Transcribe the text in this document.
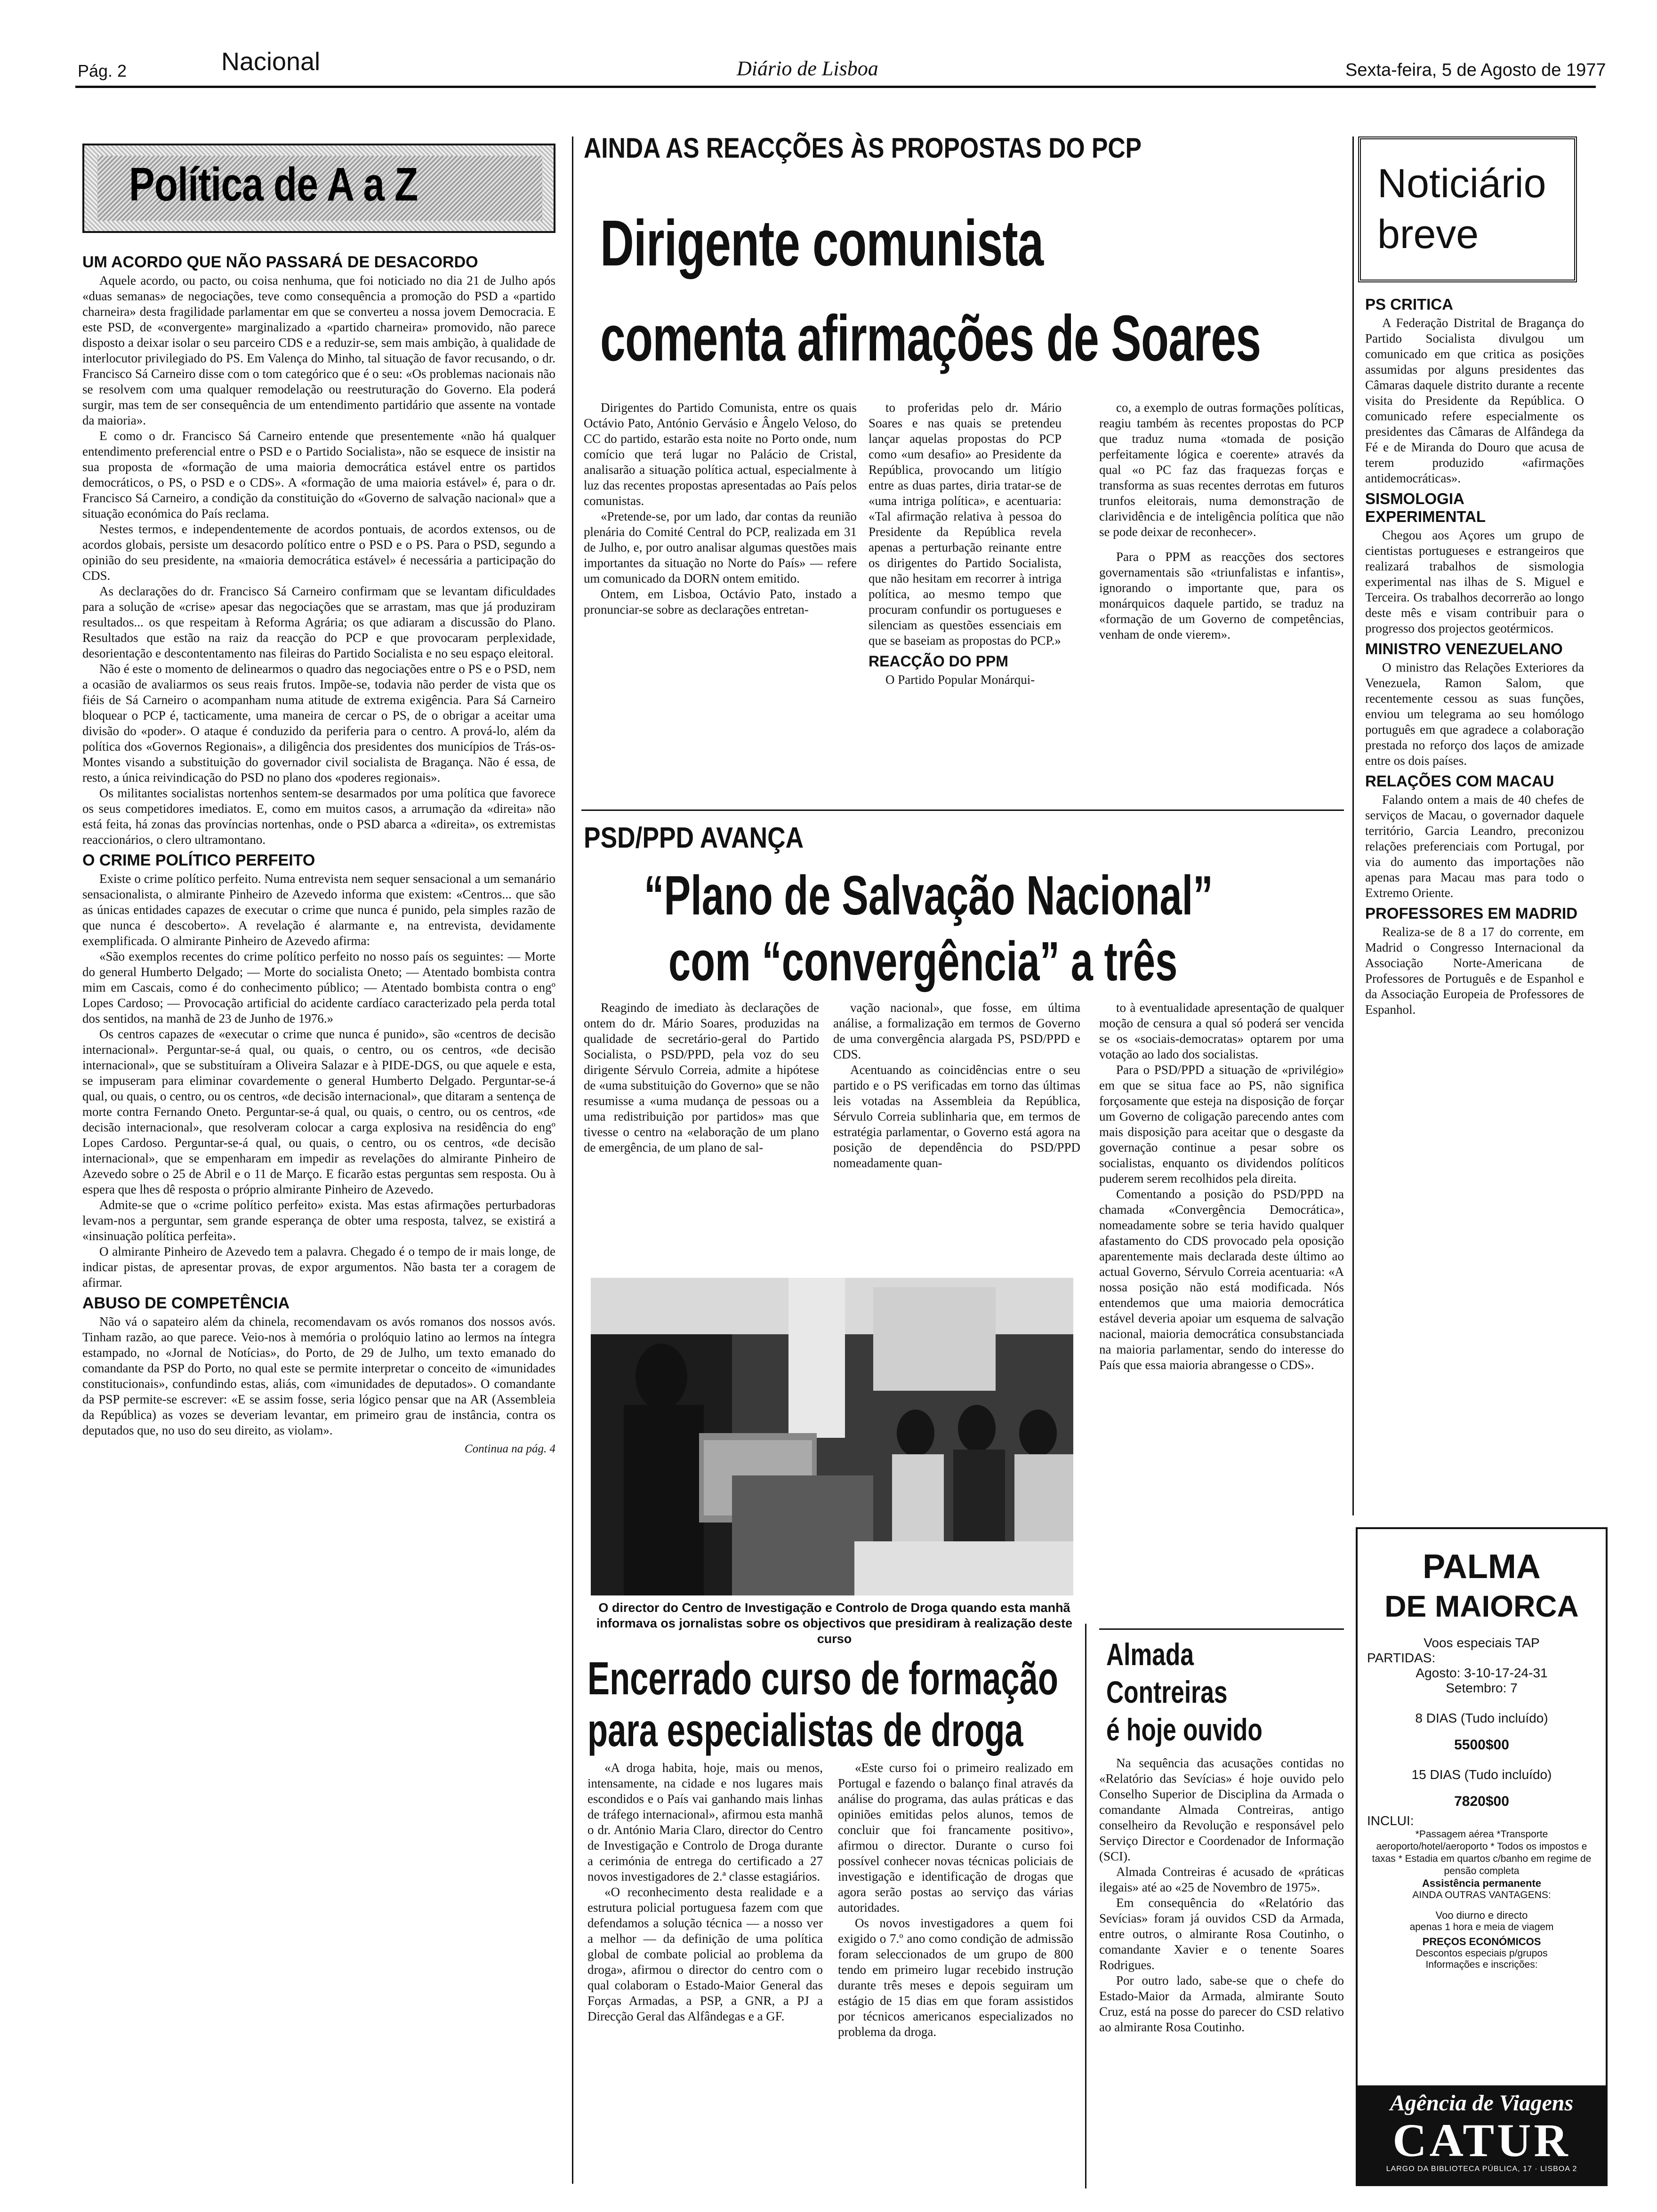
Pág. 2	Nacional	Diário de Lisboa	Sexta-feira, 5 de Agosto de 1977
Política de A a Z
UM ACORDO QUE NÃO PASSARÁ DE DESACORDO

Aquele acordo, ou pacto, ou coisa nenhuma, que foi noticiado no dia 21 de Julho após «duas semanas» de negociações, teve como consequência a promoção do PSD a «partido charneira» desta fragilidade parlamentar em que se converteu a nossa jovem Democracia. E este PSD, de «convergente» marginalizado a «partido charneira» promovido, não parece disposto a deixar isolar o seu parceiro CDS e a reduzir-se, sem mais ambição, à qualidade de interlocutor privilegiado do PS. Em Valença do Minho, tal situação de favor recusando, o dr. Francisco Sá Carneiro disse com o tom categórico que é o seu: «Os problemas nacionais não se resolvem com uma qualquer remodelação ou reestruturação do Governo. Ela poderá surgir, mas tem de ser consequência de um entendimento partidário que assente na vontade da maioria».

E como o dr. Francisco Sá Carneiro entende que presentemente «não há qualquer entendimento preferencial entre o PSD e o Partido Socialista», não se esquece de insistir na sua proposta de «formação de uma maioria democrática estável entre os partidos democráticos, o PS, o PSD e o CDS». A «formação de uma maioria estável» é, para o dr. Francisco Sá Carneiro, a condição da constituição do «Governo de salvação nacional» que a situação económica do País reclama.

Nestes termos, e independentemente de acordos pontuais, de acordos extensos, ou de acordos globais, persiste um desacordo político entre o PSD e o PS. Para o PSD, segundo a opinião do seu presidente, na «maioria democrática estável» é necessária a participação do CDS.

As declarações do dr. Francisco Sá Carneiro confirmam que se levantam dificuldades para a solução de «crise» apesar das negociações que se arrastam, mas que já produziram resultados... os que respeitam à Reforma Agrária; os que adiaram a discussão do Plano. Resultados que estão na raiz da reacção do PCP e que provocaram perplexidade, desorientação e descontentamento nas fileiras do Partido Socialista e no seu espaço eleitoral.

Não é este o momento de delinearmos o quadro das negociações entre o PS e o PSD, nem a ocasião de avaliarmos os seus reais frutos. Impõe-se, todavia não perder de vista que os fiéis de Sá Carneiro o acompanham numa atitude de extrema exigência. Para Sá Carneiro bloquear o PCP é, tacticamente, uma maneira de cercar o PS, de o obrigar a aceitar uma divisão do «poder». O ataque é conduzido da periferia para o centro. A prová-lo, além da política dos «Governos Regionais», a diligência dos presidentes dos municípios de Trás-os-Montes visando a substituição do governador civil socialista de Bragança. Não é essa, de resto, a única reivindicação do PSD no plano dos «poderes regionais».

Os militantes socialistas nortenhos sentem-se desarmados por uma política que favorece os seus competidores imediatos. E, como em muitos casos, a arrumação da «direita» não está feita, há zonas das províncias nortenhas, onde o PSD abarca a «direita», os extremistas reaccionários, o clero ultramontano.

O CRIME POLÍTICO PERFEITO

Existe o crime político perfeito. Numa entrevista nem sequer sensacional a um semanário sensacionalista, o almirante Pinheiro de Azevedo informa que existem: «Centros... que são as únicas entidades capazes de executar o crime que nunca é punido, pela simples razão de que nunca é descoberto». A revelação é alarmante e, na entrevista, devidamente exemplificada. O almirante Pinheiro de Azevedo afirma:

«São exemplos recentes do crime político perfeito no nosso país os seguintes: — Morte do general Humberto Delgado; — Morte do socialista Oneto; — Atentado bombista contra mim em Cascais, como é do conhecimento público; — Atentado bombista contra o engº Lopes Cardoso; — Provocação artificial do acidente cardíaco caracterizado pela perda total dos sentidos, na manhã de 23 de Junho de 1976.»

Os centros capazes de «executar o crime que nunca é punido», são «centros de decisão internacional». Perguntar-se-á qual, ou quais, o centro, ou os centros, «de decisão internacional», que se substituíram a Oliveira Salazar e à PIDE-DGS, ou que aquele e esta, se impuseram para eliminar covardemente o general Humberto Delgado. Perguntar-se-á qual, ou quais, o centro, ou os centros, «de decisão internacional», que ditaram a sentença de morte contra Fernando Oneto. Perguntar-se-á qual, ou quais, o centro, ou os centros, «de decisão internacional», que resolveram colocar a carga explosiva na residência do engº Lopes Cardoso. Perguntar-se-á qual, ou quais, o centro, ou os centros, «de decisão internacional», que se empenharam em impedir as revelações do almirante Pinheiro de Azevedo sobre o 25 de Abril e o 11 de Março. E ficarão estas perguntas sem resposta. Ou à espera que lhes dê resposta o próprio almirante Pinheiro de Azevedo.

Admite-se que o «crime político perfeito» exista. Mas estas afirmações perturbadoras levam-nos a perguntar, sem grande esperança de obter uma resposta, talvez, se existirá a «insinuação política perfeita».

O almirante Pinheiro de Azevedo tem a palavra. Chegado é o tempo de ir mais longe, de indicar pistas, de apresentar provas, de expor argumentos. Não basta ter a coragem de afirmar.

ABUSO DE COMPETÊNCIA

Não vá o sapateiro além da chinela, recomendavam os avós romanos dos nossos avós. Tinham razão, ao que parece. Veio-nos à memória o prolóquio latino ao lermos na íntegra estampado, no «Jornal de Notícias», do Porto, de 29 de Julho, um texto emanado do comandante da PSP do Porto, no qual este se permite interpretar o conceito de «imunidades constitucionais», confundindo estas, aliás, com «imunidades de deputados». O comandante da PSP permite-se escrever: «E se assim fosse, seria lógico pensar que na AR (Assembleia da República) as vozes se deveriam levantar, em primeiro grau de instância, contra os deputados que, no uso do seu direito, as violam».

Continua na pág. 4
AINDA AS REACÇÕES ÀS PROPOSTAS DO PCP
Dirigente comunista
comenta afirmações de Soares

Dirigentes do Partido Comunista, entre os quais Octávio Pato, António Gervásio e Ângelo Veloso, do CC do partido, estarão esta noite no Porto onde, num comício que terá lugar no Palácio de Cristal, analisarão a situação política actual, especialmente à luz das recentes propostas apresentadas ao País pelos comunistas.

«Pretende-se, por um lado, dar contas da reunião plenária do Comité Central do PCP, realizada em 31 de Julho, e, por outro analisar algumas questões mais importantes da situação no Norte do País» — refere um comunicado da DORN ontem emitido.

Ontem, em Lisboa, Octávio Pato, instado a pronunciar-se sobre as declarações entretan-

to proferidas pelo dr. Mário Soares e nas quais se pretendeu lançar aquelas propostas do PCP como «um desafio» ao Presidente da República, provocando um litígio entre as duas partes, diria tratar-se de «uma intriga política», e acentuaria: «Tal afirmação relativa à pessoa do Presidente da República revela apenas a perturbação reinante entre os dirigentes do Partido Socialista, que não hesitam em recorrer à intriga política, ao mesmo tempo que procuram confundir os portugueses e silenciam as questões essenciais em que se baseiam as propostas do PCP.»

REACÇÃO DO PPM

O Partido Popular Monárqui-

co, a exemplo de outras formações políticas, reagiu também às recentes propostas do PCP que traduz numa «tomada de posição perfeitamente lógica e coerente» através da qual «o PC faz das fraquezas forças e transforma as suas recentes derrotas em futuros trunfos eleitorais, numa demonstração de clarividência e de inteligência política que não se pode deixar de reconhecer».

Para o PPM as reacções dos sectores governamentais são «triunfalistas e infantis», ignorando o importante que, para os monárquicos daquele partido, se traduz na «formação de um Governo de competências, venham de onde vierem».

PSD/PPD AVANÇA
“Plano de Salvação Nacional”
com “convergência” a três

Reagindo de imediato às declarações de ontem do dr. Mário Soares, produzidas na qualidade de secretário-geral do Partido Socialista, o PSD/PPD, pela voz do seu dirigente Sérvulo Correia, admite a hipótese de «uma substituição do Governo» que se não resumisse a «uma mudança de pessoas ou a uma redistribuição por partidos» mas que tivesse o centro na «elaboração de um plano de emergência, de um plano de sal-

vação nacional», que fosse, em última análise, a formalização em termos de Governo de uma convergência alargada PS, PSD/PPD e CDS.

Acentuando as coincidências entre o seu partido e o PS verificadas em torno das últimas leis votadas na Assembleia da República, Sérvulo Correia sublinharia que, em termos de estratégia parlamentar, o Governo está agora na posição de dependência do PSD/PPD nomeadamente quan-

to à eventualidade apresentação de qualquer moção de censura a qual só poderá ser vencida se os «sociais-democratas» optarem por uma votação ao lado dos socialistas.

Para o PSD/PPD a situação de «privilégio» em que se situa face ao PS, não significa forçosamente que esteja na disposição de forçar um Governo de coligação parecendo antes com mais disposição para aceitar que o desgaste da governação continue a pesar sobre os socialistas, enquanto os dividendos políticos puderem serem recolhidos pela direita.

Comentando a posição do PSD/PPD na chamada «Convergência Democrática», nomeadamente sobre se teria havido qualquer afastamento do CDS provocado pela oposição aparentemente mais declarada deste último ao actual Governo, Sérvulo Correia acentuaria: «A nossa posição não está modificada. Nós entendemos que uma maioria democrática estável deveria apoiar um esquema de salvação nacional, maioria democrática consubstanciada na maioria parlamentar, sendo do interesse do País que essa maioria abrangesse o CDS».

O director do Centro de Investigação e Controlo de Droga quando esta manhã informava os jornalistas sobre os objectivos que presidiram à realização deste curso
Encerrado curso de formação
para especialistas de droga

«A droga habita, hoje, mais ou menos, intensamente, na cidade e nos lugares mais escondidos e o País vai ganhando mais linhas de tráfego internacional», afirmou esta manhã o dr. António Maria Claro, director do Centro de Investigação e Controlo de Droga durante a cerimónia de entrega do certificado a 27 novos investigadores de 2.ª classe estagiários.

«O reconhecimento desta realidade e a estrutura policial portuguesa fazem com que defendamos a solução técnica — a nosso ver a melhor — da definição de uma política global de combate policial ao problema da droga», afirmou o director do centro com o qual colaboram o Estado-Maior General das Forças Armadas, a PSP, a GNR, a PJ a Direcção Geral das Alfândegas e a GF.

«Este curso foi o primeiro realizado em Portugal e fazendo o balanço final através da análise do programa, das aulas práticas e das opiniões emitidas pelos alunos, temos de concluir que foi francamente positivo», afirmou o director. Durante o curso foi possível conhecer novas técnicas policiais de investigação e identificação de drogas que agora serão postas ao serviço das várias autoridades.

Os novos investigadores a quem foi exigido o 7.º ano como condição de admissão foram seleccionados de um grupo de 800 tendo em primeiro lugar recebido instrução durante três meses e depois seguiram um estágio de 15 dias em que foram assistidos por técnicos americanos especializados no problema da droga.

Almada
Contreiras
é hoje ouvido

Na sequência das acusações contidas no «Relatório das Sevícias» é hoje ouvido pelo Conselho Superior de Disciplina da Armada o comandante Almada Contreiras, antigo conselheiro da Revolução e responsável pelo Serviço Director e Coordenador de Informação (SCI).

Almada Contreiras é acusado de «práticas ilegais» até ao «25 de Novembro de 1975».

Em consequência do «Relatório das Sevícias» foram já ouvidos CSD da Armada, entre outros, o almirante Rosa Coutinho, o comandante Xavier e o tenente Soares Rodrigues.

Por outro lado, sabe-se que o chefe do Estado-Maior da Armada, almirante Souto Cruz, está na posse do parecer do CSD relativo ao almirante Rosa Coutinho.

Noticiário breve
PS CRITICA

A Federação Distrital de Bragança do Partido Socialista divulgou um comunicado em que critica as posições assumidas por alguns presidentes das Câmaras daquele distrito durante a recente visita do Presidente da República. O comunicado refere especialmente os presidentes das Câmaras de Alfândega da Fé e de Miranda do Douro que acusa de terem produzido «afirmações antidemocráticas».

SISMOLOGIA EXPERIMENTAL

Chegou aos Açores um grupo de cientistas portugueses e estrangeiros que realizará trabalhos de sismologia experimental nas ilhas de S. Miguel e Terceira. Os trabalhos decorrerão ao longo deste mês e visam contribuir para o progresso dos projectos geotérmicos.

MINISTRO VENEZUELANO

O ministro das Relações Exteriores da Venezuela, Ramon Salom, que recentemente cessou as suas funções, enviou um telegrama ao seu homólogo português em que agradece a colaboração prestada no reforço dos laços de amizade entre os dois países.

RELAÇÕES COM MACAU

Falando ontem a mais de 40 chefes de serviços de Macau, o governador daquele território, Garcia Leandro, preconizou relações preferenciais com Portugal, por via do aumento das importações não apenas para Macau mas para todo o Extremo Oriente.

PROFESSORES EM MADRID

Realiza-se de 8 a 17 do corrente, em Madrid o Congresso Internacional da Associação Norte-Americana de Professores de Português e de Espanhol e da Associação Europeia de Professores de Espanhol.

PALMA
DE MAIORCA
Voos especiais TAP
PARTIDAS:
Agosto: 3-10-17-24-31
Setembro: 7
8 DIAS (Tudo incluído)
5500$00
15 DIAS (Tudo incluído)
7820$00
INCLUI:
*Passagem aérea *Transporte aeroporto/hotel/aeroporto * Todos os impostos e taxas * Estadia em quartos c/banho em regime de pensão completa
Assistência permanente
AINDA OUTRAS VANTAGENS:
Voo diurno e directo
apenas 1 hora e meia de viagem
PREÇOS ECONÓMICOS
Descontos especiais p/grupos
Informações e inscrições:
Agência de Viagens
CATUR
LARGO DA BIBLIOTECA PÚBLICA, 17 · LISBOA 2
